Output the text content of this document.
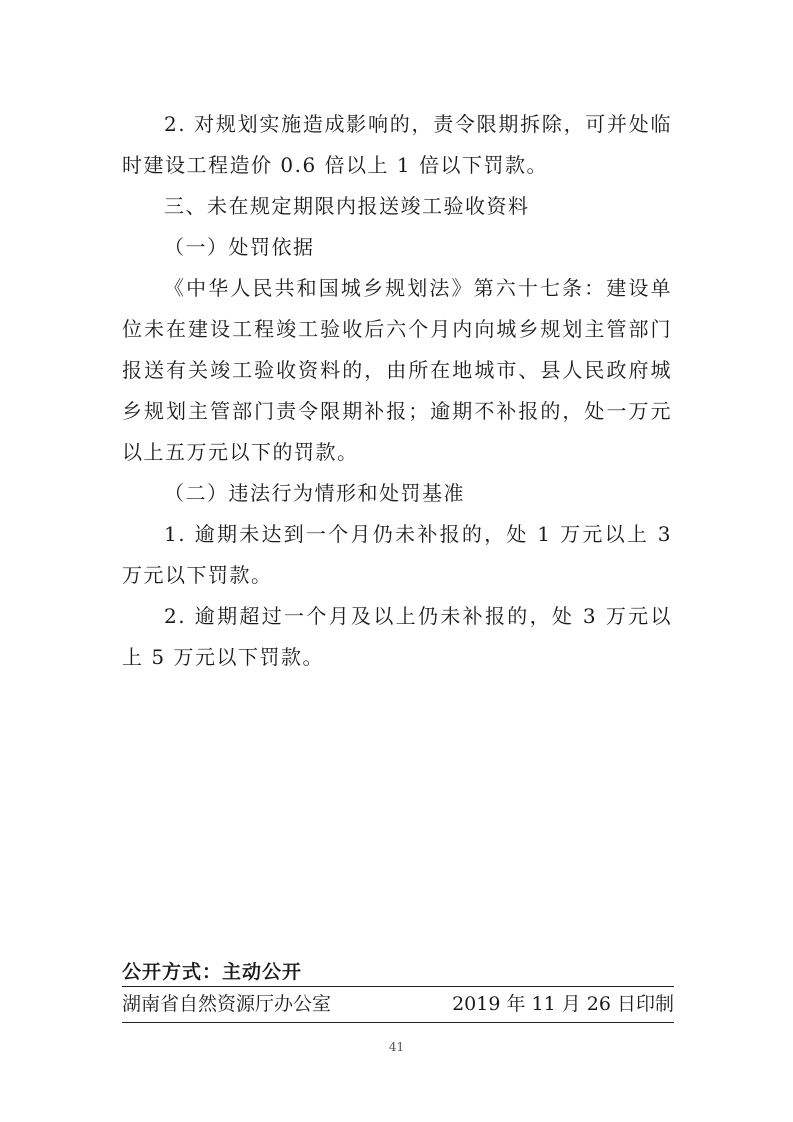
2. 对规划实施造成影响的，责令限期拆除，可并处临时建设工程造价 0.6 倍以上 1 倍以下罚款。

三、未在规定期限内报送竣工验收资料

（一）处罚依据

《中华人民共和国城乡规划法》第六十七条：建设单位未在建设工程竣工验收后六个月内向城乡规划主管部门报送有关竣工验收资料的，由所在地城市、县人民政府城乡规划主管部门责令限期补报；逾期不补报的，处一万元以上五万元以下的罚款。

（二）违法行为情形和处罚基准

1. 逾期未达到一个月仍未补报的，处 1 万元以上 3 万元以下罚款。

2. 逾期超过一个月及以上仍未补报的，处 3 万元以上 5 万元以下罚款。

公开方式：主动公开
湖南省自然资源厅办公室	2019 年 11 月 26 日印制
41
